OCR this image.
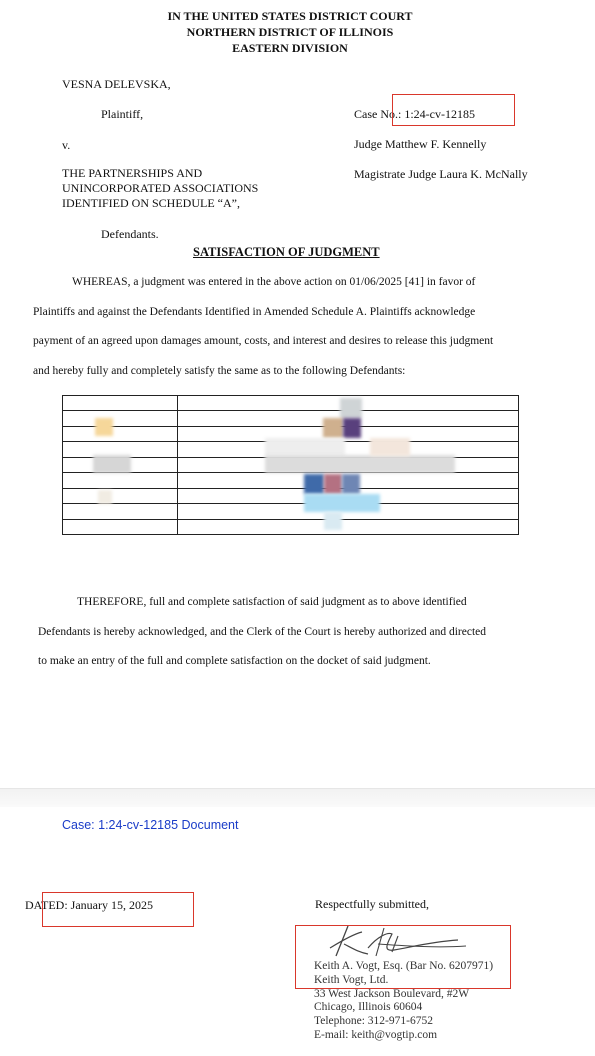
IN THE UNITED STATES DISTRICT COURT
NORTHERN DISTRICT OF ILLINOIS
EASTERN DIVISION
VESNA DELEVSKA,
Plaintiff,
v.
THE PARTNERSHIPS AND
UNINCORPORATED ASSOCIATIONS
IDENTIFIED ON SCHEDULE “A”,
Defendants.
Case No.: 1:24-cv-12185
Judge Matthew F. Kennelly
Magistrate Judge Laura K. McNally
SATISFACTION OF JUDGMENT
WHEREAS, a judgment was entered in the above action on 01/06/2025 [41] in favor of
Plaintiffs and against the Defendants Identified in Amended Schedule A. Plaintiffs acknowledge
payment of an agreed upon damages amount, costs, and interest and desires to release this judgment
and hereby fully and completely satisfy the same as to the following Defendants:

THEREFORE, full and complete satisfaction of said judgment as to above identified
Defendants is hereby acknowledged, and the Clerk of the Court is hereby authorized and directed
to make an entry of the full and complete satisfaction on the docket of said judgment.
Case: 1:24-cv-12185 Document
DATED: January 15, 2025	Respectfully submitted,
Keith A. Vogt, Esq. (Bar No. 6207971)
Keith Vogt, Ltd.
33 West Jackson Boulevard, #2W
Chicago, Illinois 60604
Telephone: 312-971-6752
E-mail: keith@vogtip.com
